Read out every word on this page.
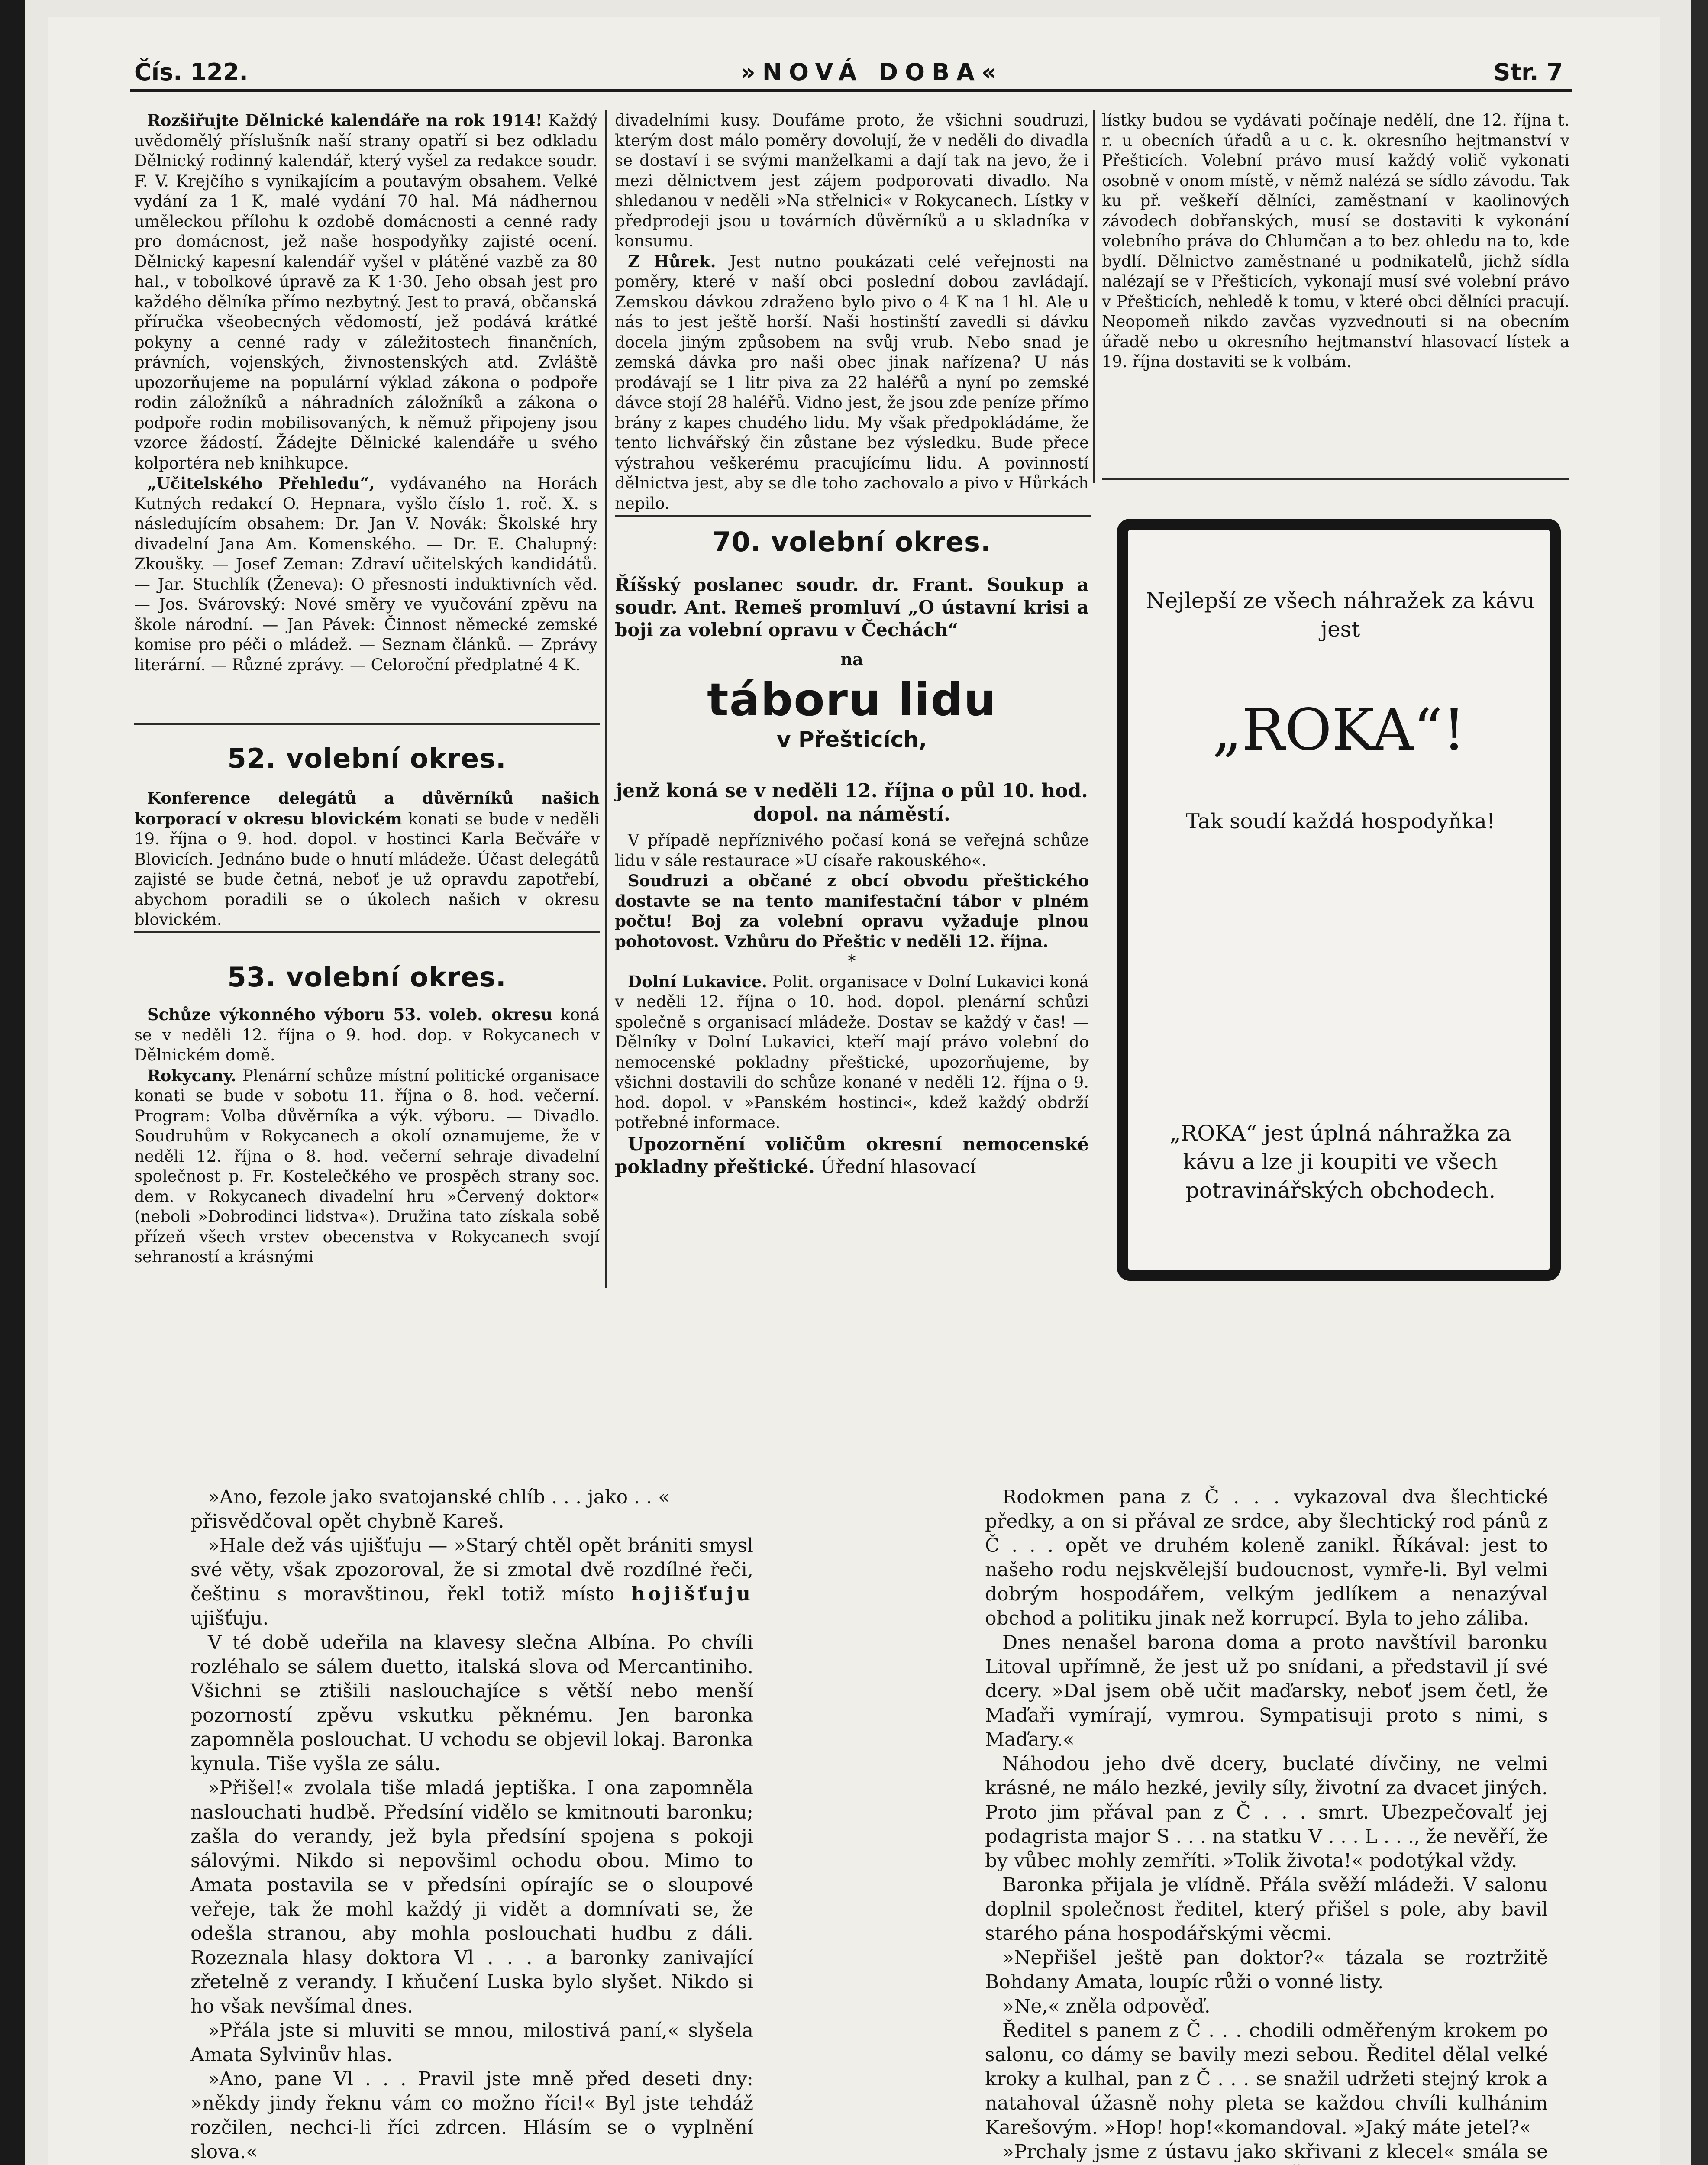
Čís. 122.	»NOVÁ DOBA«	Str. 7

Rozšiřujte Dělnické kalendáře na rok 1914! Každý uvědomělý příslušník naší strany opatří si bez odkladu Dělnický rodinný kalendář, který vyšel za redakce soudr. F. V. Krejčího s vynikajícím a poutavým obsahem. Velké vydání za 1 K, malé vydání 70 hal. Má nádhernou uměleckou přílohu k ozdobě domácnosti a cenné rady pro domácnost, jež naše hospodyňky zajisté ocení. Dělnický kapesní kalendář vyšel v plátěné vazbě za 80 hal., v tobolkové úpravě za K 1·30. Jeho obsah jest pro každého dělníka přímo nezbytný. Jest to pravá, občanská příručka všeobecných vědomostí, jež podává krátké pokyny a cenné rady v záležitostech finančních, právních, vojenských, živnostenských atd. Zvláště upozorňujeme na populární výklad zákona o podpoře rodin záložníků a náhradních záložníků a zákona o podpoře rodin mobilisovaných, k němuž připojeny jsou vzorce žádostí. Žádejte Dělnické kalendáře u svého kolportéra neb knihkupce.

„Učitelského Přehledu“, vydávaného na Horách Kutných redakcí O. Hepnara, vyšlo číslo 1. roč. X. s následujícím obsahem: Dr. Jan V. Novák: Školské hry divadelní Jana Am. Komenského. — Dr. E. Chalupný: Zkoušky. — Josef Zeman: Zdraví učitelských kandidátů. — Jar. Stuchlík (Ženeva): O přesnosti induktivních věd. — Jos. Svárovský: Nové směry ve vyučování zpěvu na škole národní. — Jan Pávek: Činnost německé zemské komise pro péči o mládež. — Seznam článků. — Zprávy literární. — Různé zprávy. — Celoroční předplatné 4 K.

52. volební okres.

Konference delegátů a důvěrníků našich korporací v okresu blovickém konati se bude v neděli 19. října o 9. hod. dopol. v hostinci Karla Bečváře v Blovicích. Jednáno bude o hnutí mládeže. Účast delegátů zajisté se bude četná, neboť je už opravdu zapotřebí, abychom poradili se o úkolech našich v okresu blovickém.

53. volební okres.

Schůze výkonného výboru 53. voleb. okresu koná se v neděli 12. října o 9. hod. dop. v Rokycanech v Dělnickém domě.

Rokycany. Plenární schůze místní politické organisace konati se bude v sobotu 11. října o 8. hod. večerní. Program: Volba důvěrníka a výk. výboru. — Divadlo. Soudruhům v Rokycanech a okolí oznamujeme, že v neděli 12. října o 8. hod. večerní sehraje divadelní společnost p. Fr. Kostelečkého ve prospěch strany soc. dem. v Rokycanech divadelní hru »Červený doktor« (neboli »Dobrodinci lidstva«). Družina tato získala sobě přízeň všech vrstev obecenstva v Rokycanech svojí sehraností a krásnými

divadelními kusy. Doufáme proto, že všichni soudruzi, kterým dost málo poměry dovolují, že v neděli do divadla se dostaví i se svými manželkami a dají tak na jevo, že i mezi dělnictvem jest zájem podporovati divadlo. Na shledanou v neděli »Na střelnici« v Rokycanech. Lístky v předprodeji jsou u továrních důvěrníků a u skladníka v konsumu.

Z Hůrek. Jest nutno poukázati celé veřejnosti na poměry, které v naší obci poslední dobou zavládají. Zemskou dávkou zdraženo bylo pivo o 4 K na 1 hl. Ale u nás to jest ještě horší. Naši hostinští zavedli si dávku docela jiným způsobem na svůj vrub. Nebo snad je zemská dávka pro naši obec jinak nařízena? U nás prodávají se 1 litr piva za 22 haléřů a nyní po zemské dávce stojí 28 haléřů. Vidno jest, že jsou zde peníze přímo brány z kapes chudého lidu. My však předpokládáme, že tento lichvářský čin zůstane bez výsledku. Bude přece výstrahou veškerému pracujícímu lidu. A povinností dělnictva jest, aby se dle toho zachovalo a pivo v Hůrkách nepilo.

70. volební okres.
Říšský poslanec soudr. dr. Frant. Soukup a soudr. Ant. Remeš promluví „O ústavní krisi a boji za volební opravu v Čechách“
na
táboru lidu
v Přešticích,

jenž koná se v neděli 12. října o půl 10. hod. dopol. na náměstí.

V případě nepříznivého počasí koná se veřejná schůze lidu v sále restaurace »U císaře rakouského«.

Soudruzi a občané z obcí obvodu přeštického dostavte se na tento manifestační tábor v plném počtu! Boj za volební opravu vyžaduje plnou pohotovost. Vzhůru do Přeštic v neděli 12. října.

*

Dolní Lukavice. Polit. organisace v Dolní Lukavici koná v neděli 12. října o 10. hod. dopol. plenární schůzi společně s organisací mládeže. Dostav se každý v čas! — Dělníky v Dolní Lukavici, kteří mají právo volební do nemocenské pokladny přeštické, upozorňujeme, by všichni dostavili do schůze konané v neděli 12. října o 9. hod. dopol. v »Panském hostinci«, kdež každý obdrží potřebné informace.

Upozornění voličům okresní nemocenské pokladny přeštické. Úřední hlasovací

lístky budou se vydávati počínaje nedělí, dne 12. října t. r. u obecních úřadů a u c. k. okresního hejtmanství v Přešticích. Volební právo musí každý volič vykonati osobně v onom místě, v němž nalézá se sídlo závodu. Tak ku př. veškeří dělníci, zaměstnaní v kaolinových závodech dobřanských, musí se dostaviti k vykonání volebního práva do Chlumčan a to bez ohledu na to, kde bydlí. Dělnictvo zaměstnané u podnikatelů, jichž sídla nalézají se v Přešticích, vykonají musí své volební právo v Přešticích, nehledě k tomu, v které obci dělníci pracují. Neopomeň nikdo zavčas vyzvednouti si na obecním úřadě nebo u okresního hejtmanství hlasovací lístek a 19. října dostaviti se k volbám.

Nejlepší ze všech náhražek za kávu jest
„ROKA“!
Tak soudí každá hospodyňka!
„ROKA“ jest úplná náhražka za kávu a lze ji koupiti ve všech potravinářských obchodech.

»Ano, fezole jako svatojanské chlíb . . . jako . . «

přisvědčoval opět chybně Kareš.

»Hale dež vás ujišťuju — »Starý chtěl opět brániti smysl své věty, však zpozoroval, že si zmotal dvě rozdílné řeči, češtinu s moravštinou, řekl totiž místo hojišťuju ujišťuju.

V té době udeřila na klavesy slečna Albína. Po chvíli rozléhalo se sálem duetto, italská slova od Mercantiniho. Všichni se ztišili naslouchajíce s větší nebo menší pozorností zpěvu vskutku pěknému. Jen baronka zapomněla poslouchat. U vchodu se objevil lokaj. Baronka kynula. Tiše vyšla ze sálu.

»Přišel!« zvolala tiše mladá jeptiška. I ona zapomněla naslouchati hudbě. Předsíní vidělo se kmitnouti baronku; zašla do verandy, jež byla předsíní spojena s pokoji sálovými. Nikdo si nepovšiml ochodu obou. Mimo to Amata postavila se v předsíni opírajíc se o sloupové veřeje, tak že mohl každý ji vidět a domnívati se, že odešla stranou, aby mohla poslouchati hudbu z dáli. Rozeznala hlasy doktora Vl . . . a baronky zanivající zřetelně z verandy. I kňučení Luska bylo slyšet. Nikdo si ho však nevšímal dnes.

»Přála jste si mluviti se mnou, milostivá paní,« slyšela Amata Sylvinův hlas.

»Ano, pane Vl . . . Pravil jste mně před deseti dny: »někdy jindy řeknu vám co možno říci!« Byl jste tehdáž rozčilen, nechci-li říci zdrcen. Hlásím se o vyplnění slova.«

Rodokmen pana z Č . . . vykazoval dva šlechtické předky, a on si přával ze srdce, aby šlechtický rod pánů z Č . . . opět ve druhém koleně zanikl. Říkával: jest to našeho rodu nejskvělejší budoucnost, vymře-li. Byl velmi dobrým hospodářem, velkým jedlíkem a nenazýval obchod a politiku jinak než korrupcí. Byla to jeho záliba.

Dnes nenašel barona doma a proto navštívil baronku Litoval upřímně, že jest už po snídani, a představil jí své dcery. »Dal jsem obě učit maďarsky, neboť jsem četl, že Maďaři vymírají, vymrou. Sympatisuji proto s nimi, s Maďary.«

Náhodou jeho dvě dcery, buclaté dívčiny, ne velmi krásné, ne málo hezké, jevily síly, životní za dvacet jiných. Proto jim přával pan z Č . . . smrt. Ubezpečovalť jej podagrista major S . . . na statku V . . . L . . ., že nevěří, že by vůbec mohly zemříti. »Tolik života!« podotýkal vždy.

Baronka přijala je vlídně. Přála svěží mládeži. V salonu doplnil společnost ředitel, který přišel s pole, aby bavil starého pána hospodářskými věcmi.

»Nepřišel ještě pan doktor?« tázala se roztržitě Bohdany Amata, loupíc růži o vonné listy.

»Ne,« zněla odpověď.

Ředitel s panem z Č . . . chodili odměřeným krokem po salonu, co dámy se bavily mezi sebou. Ředitel dělal velké kroky a kulhal, pan z Č . . . se snažil udržeti stejný krok a natahoval úžasně nohy pleta se každou chvíli kulhánim Karešovým. »Hop! hop!«komandoval. »Jaký máte jetel?«

»Prchaly jsme z ústavu jako skřivani z klecel« smála se
